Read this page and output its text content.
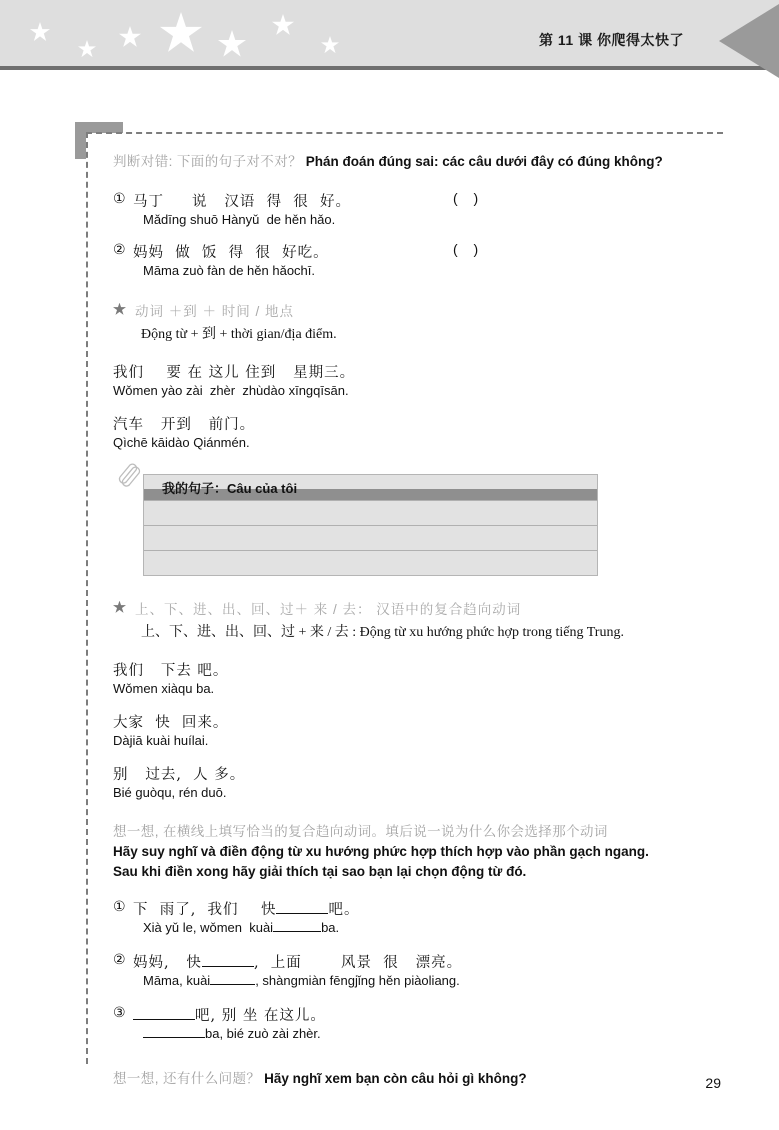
第 11 课 你爬得太快了

判断对错: 下面的句子对不对？ Phán đoán đúng sai: các câu dưới đây có đúng không?

① 马丁     说   汉语  得  很  好。
Mǎdīng shuō Hànyǔ  de hěn hǎo.
( )
② 妈妈  做  饭  得  很  好吃。
Māma zuò fàn de hěn hǎochī.
( )
动词 ＋到 ＋ 时间 / 地点
Động từ + 到 + thời gian/địa điểm.
我们    要 在 这儿 住到   星期三。
Wǒmen yào zài  zhèr  zhùdào xīngqīsān.
汽车   开到   前门。
Qìchē kāidào Qiánmén.
我的句子：Câu của tôi
上、下、进、出、回、过＋ 来 / 去： 汉语中的复合趋向动词
上、下、进、出、回、过 + 来 / 去 : Động từ xu hướng phức hợp trong tiếng Trung.
我们   下去 吧。
Wǒmen xiàqu ba.
大家  快  回来。
Dàjiā kuài huílai.
别   过去,  人 多。
Bié guòqu, rén duō.

想一想, 在横线上填写恰当的复合趋向动词。填后说一说为什么你会选择那个动词
Hãy suy nghĩ và điền động từ xu hướng phức hợp thích hợp vào phần gạch ngang.
Sau khi điền xong hãy giải thích tại sao bạn lại chọn động từ đó.

① 下  雨了,  我们    快	吧。
Xià yǔ le, wǒmen  kuài	ba.
② 妈妈,   快	,  上面       风景  很   漂亮。
Māma, kuài	, shàngmiàn fēngjǐng hěn piàoliang.
③	吧, 别 坐 在这儿。
ba, bié zuò zài zhèr.

想一想, 还有什么问题？ Hãy nghĩ xem bạn còn câu hỏi gì không?	29
